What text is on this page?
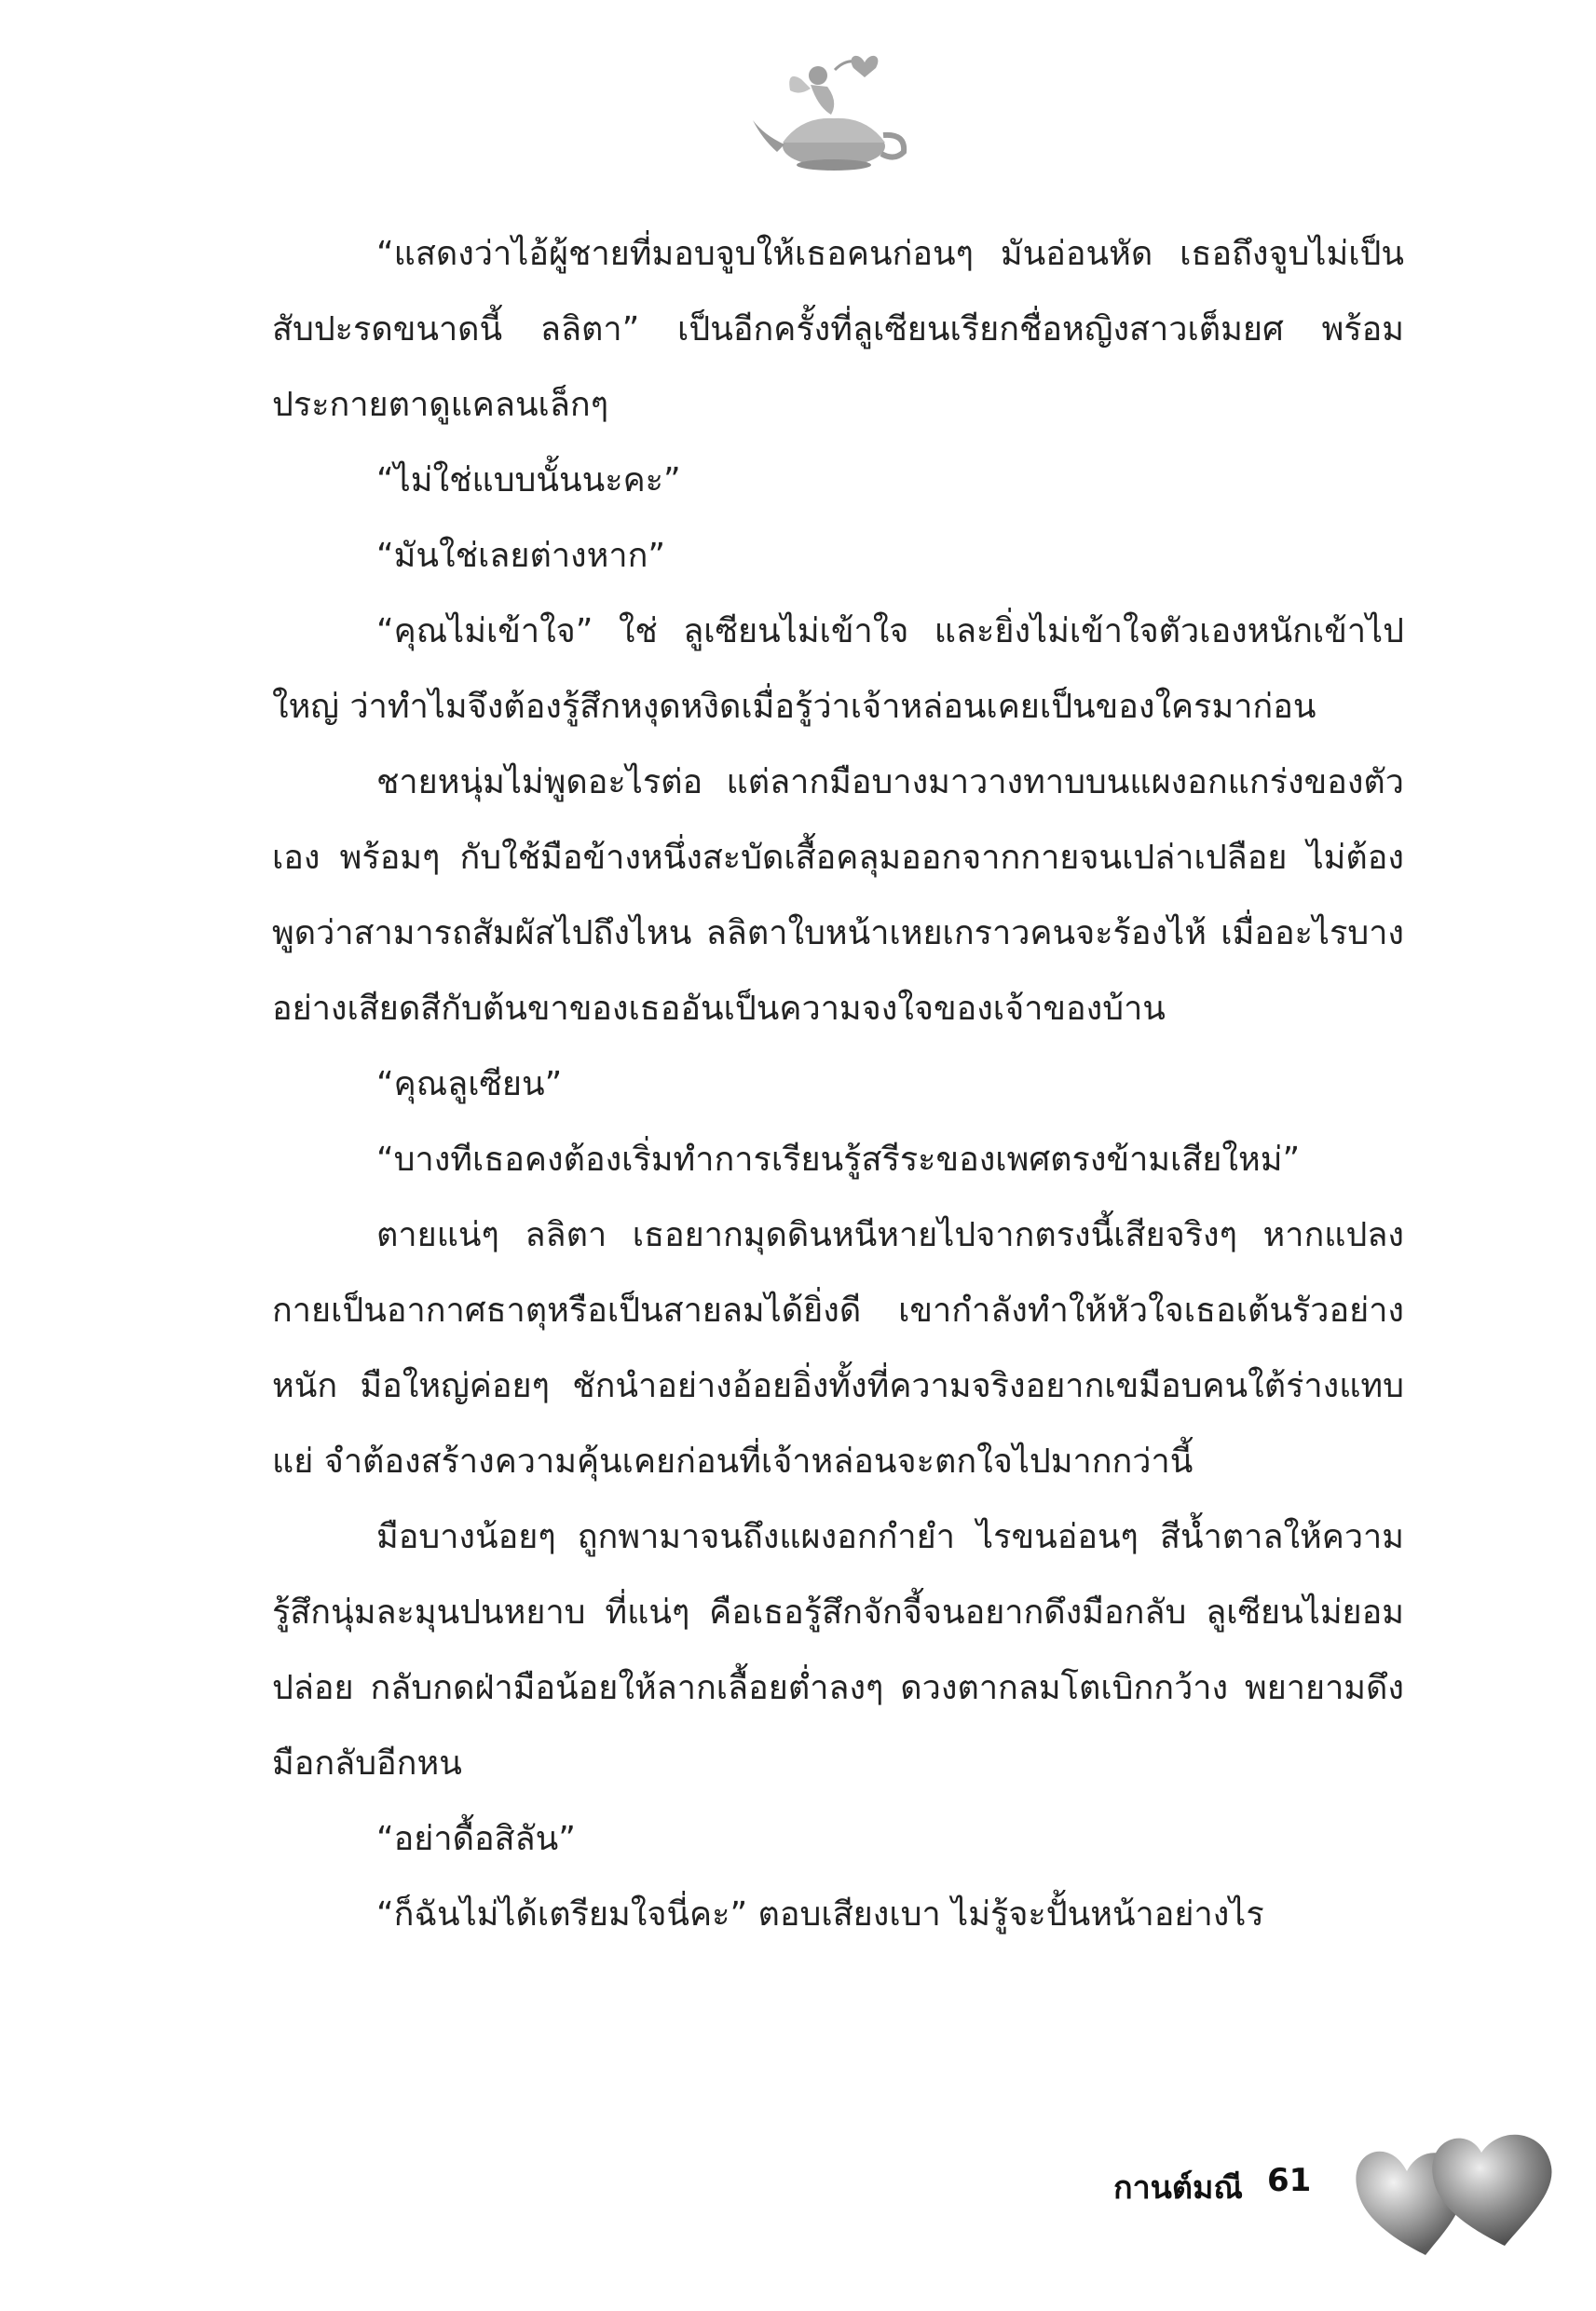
“แสดงว่าไอ้ผู้ชายที่มอบจูบให้เธอคนก่อนๆ มันอ่อนหัด เธอถึงจูบไม่เป็นสับปะรดขนาดนี้ ลลิตา” เป็นอีกครั้งที่ลูเซียนเรียกชื่อหญิงสาวเต็มยศ พร้อมประกายตาดูแคลนเล็กๆ

“ไม่ใช่แบบนั้นนะคะ”

“มันใช่เลยต่างหาก”

“คุณไม่เข้าใจ” ใช่ ลูเซียนไม่เข้าใจ และยิ่งไม่เข้าใจตัวเองหนักเข้าไปใหญ่ ว่าทำไมจึงต้องรู้สึกหงุดหงิดเมื่อรู้ว่าเจ้าหล่อนเคยเป็นของใครมาก่อน

ชายหนุ่มไม่พูดอะไรต่อ แต่ลากมือบางมาวางทาบบนแผงอกแกร่งของตัวเอง พร้อมๆ กับใช้มือข้างหนึ่งสะบัดเสื้อคลุมออกจากกายจนเปล่าเปลือย ไม่ต้องพูดว่าสามารถสัมผัสไปถึงไหน ลลิตาใบหน้าเหยเกราวคนจะร้องไห้ เมื่ออะไรบางอย่างเสียดสีกับต้นขาของเธออันเป็นความจงใจของเจ้าของบ้าน

“คุณลูเซียน”

“บางทีเธอคงต้องเริ่มทำการเรียนรู้สรีระของเพศตรงข้ามเสียใหม่”

ตายแน่ๆ ลลิตา เธอยากมุดดินหนีหายไปจากตรงนี้เสียจริงๆ หากแปลงกายเป็นอากาศธาตุหรือเป็นสายลมได้ยิ่งดี เขากำลังทำให้หัวใจเธอเต้นรัวอย่างหนัก มือใหญ่ค่อยๆ ชักนำอย่างอ้อยอิ่งทั้งที่ความจริงอยากเขมือบคนใต้ร่างแทบแย่ จำต้องสร้างความคุ้นเคยก่อนที่เจ้าหล่อนจะตกใจไปมากกว่านี้

มือบางน้อยๆ ถูกพามาจนถึงแผงอกกำยำ ไรขนอ่อนๆ สีน้ำตาลให้ความรู้สึกนุ่มละมุนปนหยาบ ที่แน่ๆ คือเธอรู้สึกจักจี้จนอยากดึงมือกลับ ลูเซียนไม่ยอมปล่อย กลับกดฝ่ามือน้อยให้ลากเลื้อยต่ำลงๆ ดวงตากลมโตเบิกกว้าง พยายามดึงมือกลับอีกหน

“อย่าดื้อสิลัน”

“ก็ฉันไม่ได้เตรียมใจนี่คะ” ตอบเสียงเบา ไม่รู้จะปั้นหน้าอย่างไร

กานต์มณี 61
